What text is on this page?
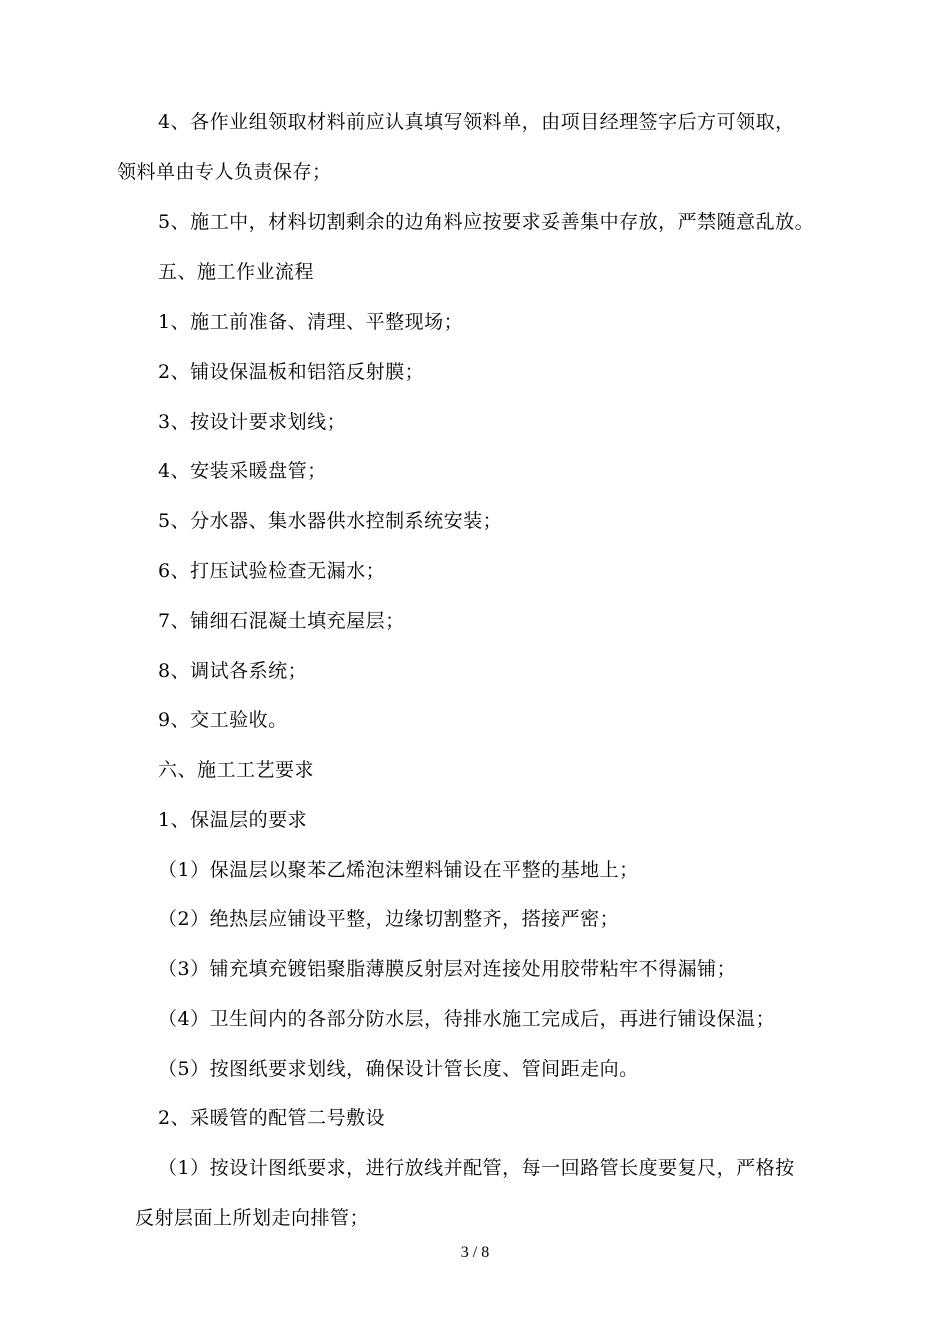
4、各作业组领取材料前应认真填写领料单，由项目经理签字后方可领取，
领料单由专人负责保存；
5、施工中，材料切割剩余的边角料应按要求妥善集中存放，严禁随意乱放。
五、施工作业流程
1、施工前准备、清理、平整现场；
2、铺设保温板和铝箔反射膜；
3、按设计要求划线；
4、安装采暖盘管；
5、分水器、集水器供水控制系统安装；
6、打压试验检查无漏水；
7、铺细石混凝土填充屋层；
8、调试各系统；
9、交工验收。
六、施工工艺要求
1、保温层的要求
（1）保温层以聚苯乙烯泡沫塑料铺设在平整的基地上；
（2）绝热层应铺设平整，边缘切割整齐，搭接严密；
（3）铺充填充镀铝聚脂薄膜反射层对连接处用胶带粘牢不得漏铺；
（4）卫生间内的各部分防水层，待排水施工完成后，再进行铺设保温；
（5）按图纸要求划线，确保设计管长度、管间距走向。
2、采暖管的配管二号敷设
（1）按设计图纸要求，进行放线并配管，每一回路管长度要复尺，严格按
反射层面上所划走向排管；
3 / 8
